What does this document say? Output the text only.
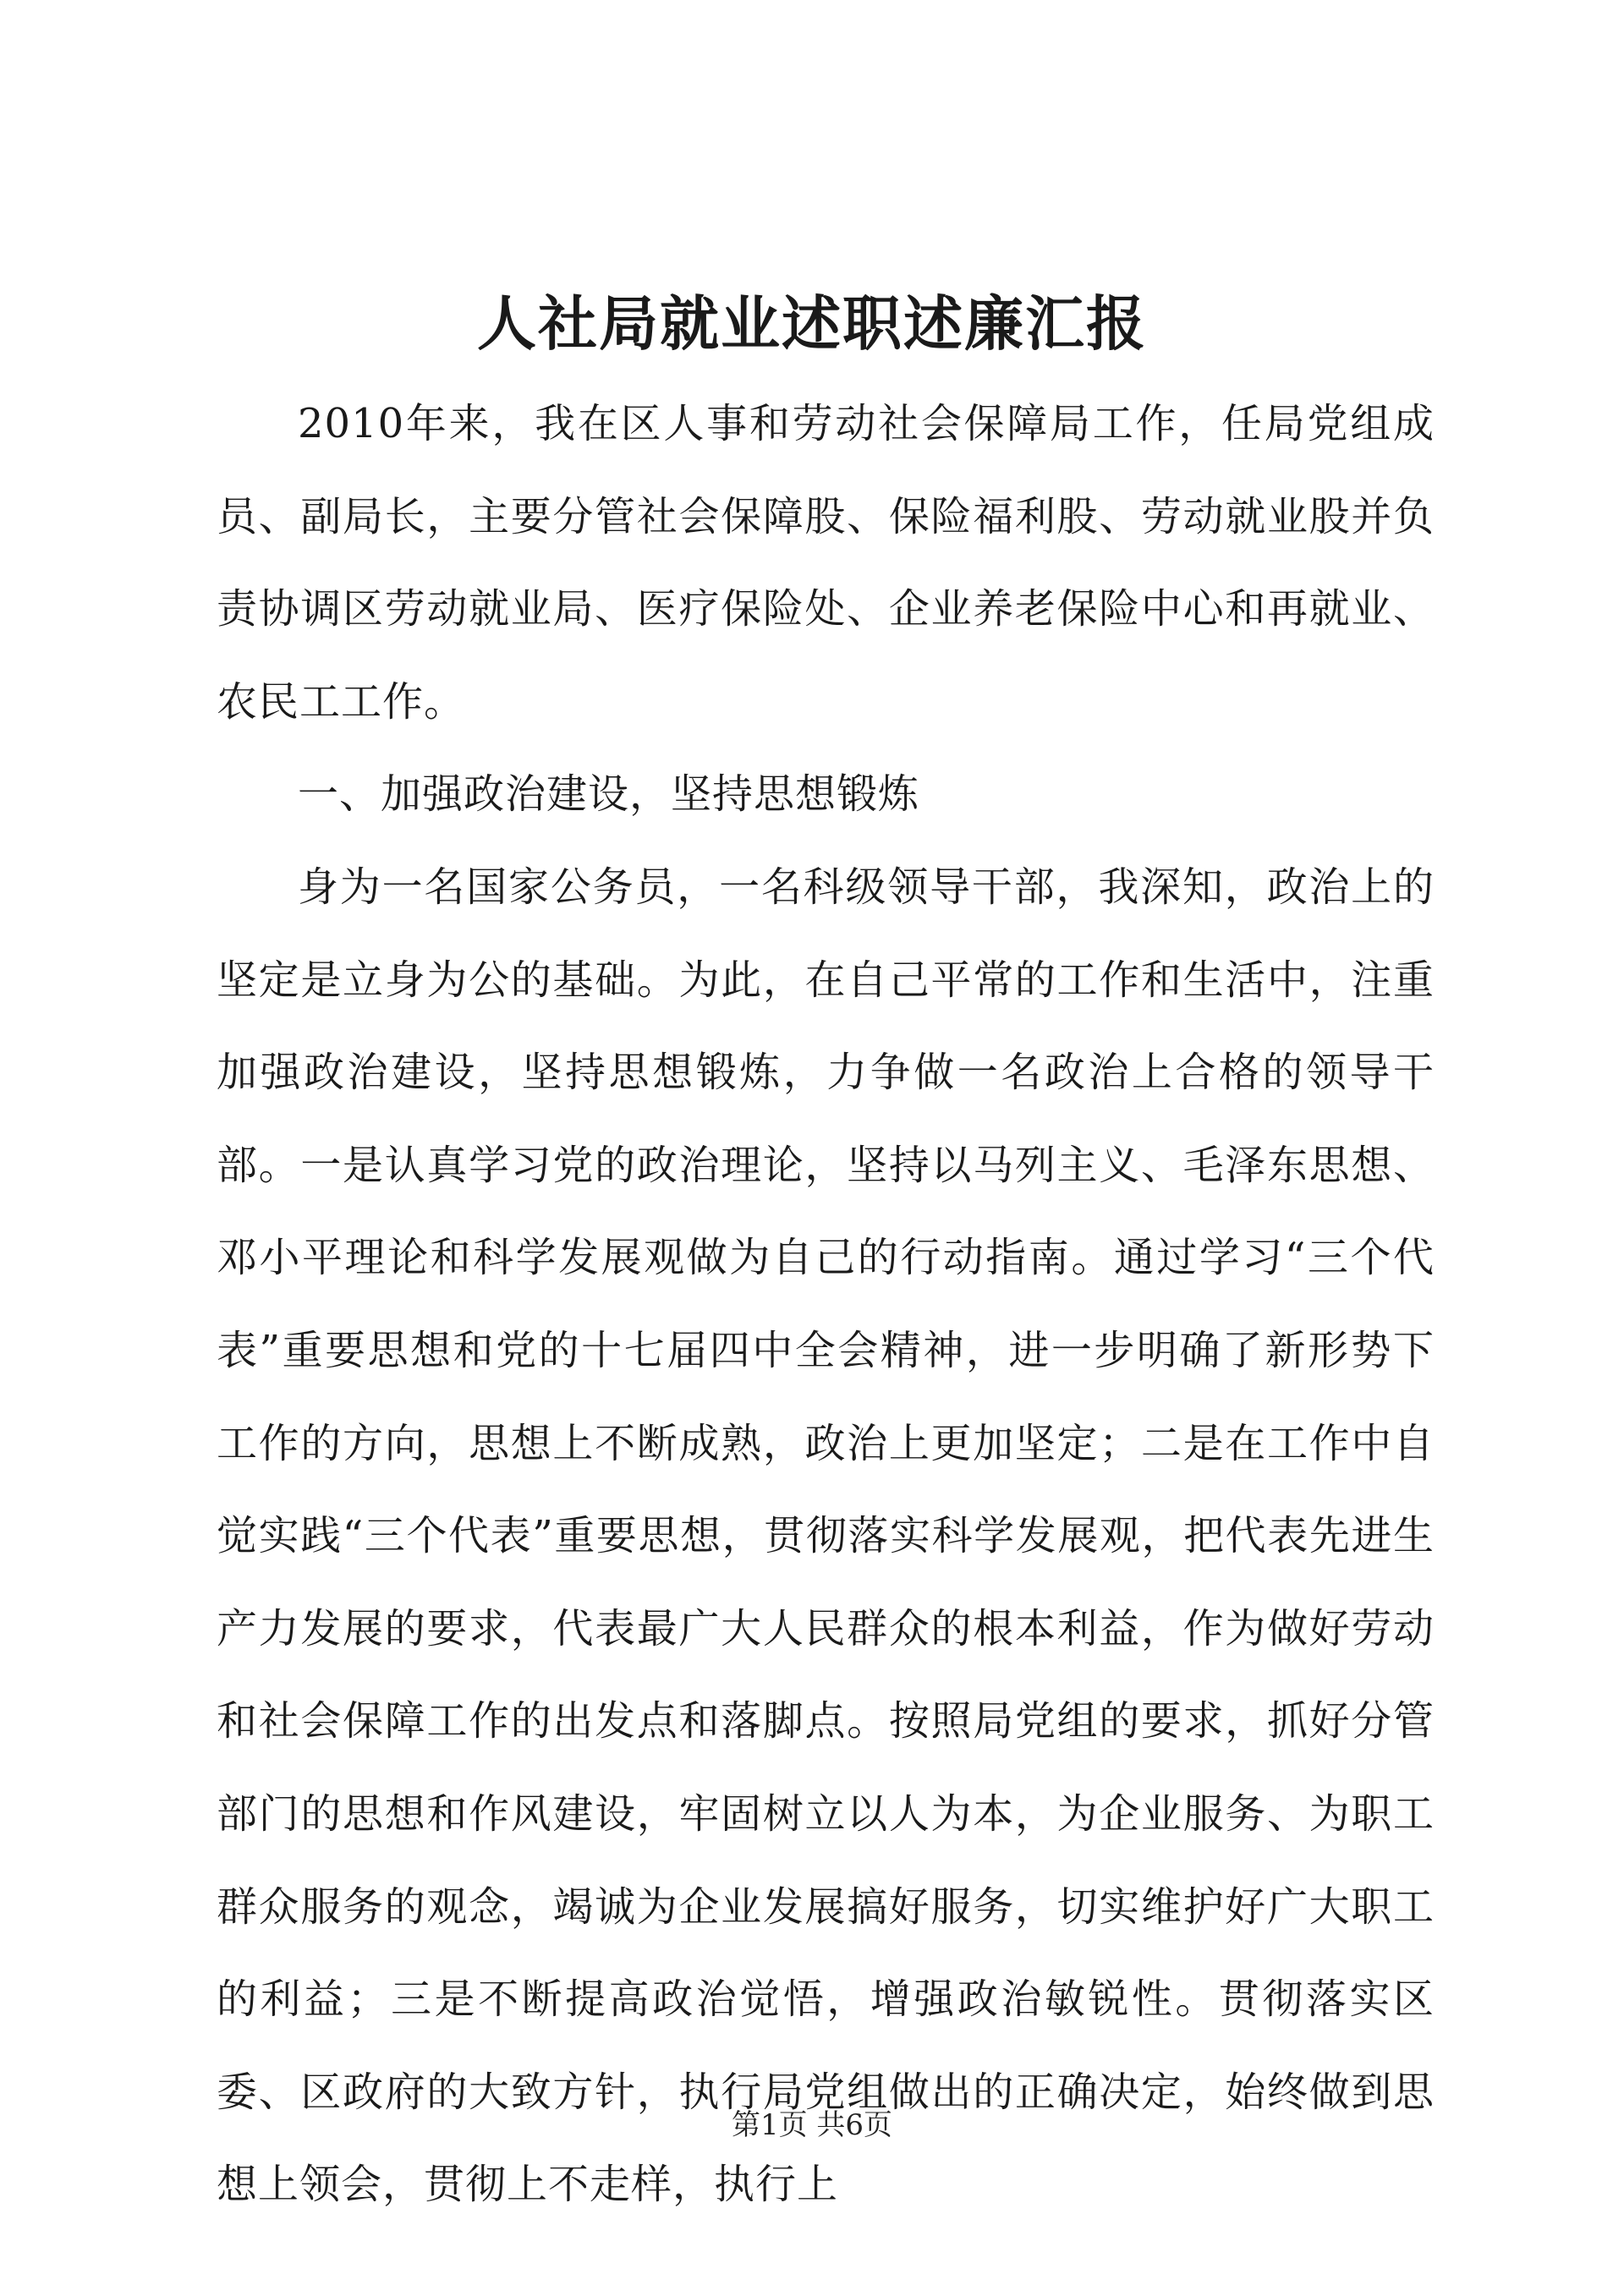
人社局就业述职述廉汇报

2010年来，我在区人事和劳动社会保障局工作，任局党组成员、副局长，主要分管社会保障股、保险福利股、劳动就业股并负责协调区劳动就业局、医疗保险处、企业养老保险中心和再就业、农民工工作。

一、加强政治建设，坚持思想锻炼

身为一名国家公务员，一名科级领导干部，我深知，政治上的坚定是立身为公的基础。为此，在自己平常的工作和生活中，注重加强政治建设，坚持思想锻炼，力争做一名政治上合格的领导干部。一是认真学习党的政治理论，坚持以马列主义、毛泽东思想、邓小平理论和科学发展观做为自己的行动指南。通过学习“三个代表”重要思想和党的十七届四中全会精神，进一步明确了新形势下工作的方向，思想上不断成熟，政治上更加坚定；二是在工作中自觉实践“三个代表”重要思想，贯彻落实科学发展观，把代表先进生产力发展的要求，代表最广大人民群众的根本利益，作为做好劳动和社会保障工作的出发点和落脚点。按照局党组的要求，抓好分管部门的思想和作风建设，牢固树立以人为本，为企业服务、为职工群众服务的观念，竭诚为企业发展搞好服务，切实维护好广大职工的利益；三是不断提高政治觉悟，增强政治敏锐性。贯彻落实区委、区政府的大致方针，执行局党组做出的正确决定，始终做到思想上领会，贯彻上不走样，执行上

第1页 共6页
